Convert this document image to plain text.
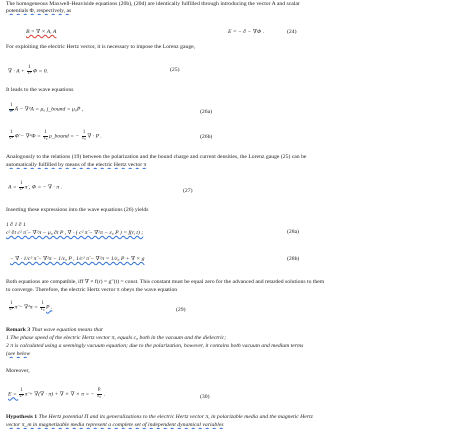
The homogeneous Maxwell-Heaviside equations (20b), (20d) are identically fulfilled through introducing the vector A and scalar
potentials Φ, respectively, as
B = ∇ × A, A	E = − ∂ − ∇Φ .	(24)
For exploiting the electric Hertz vector, it is necessary to impose the Lorenz gauge,
∇ · $A + \frac{1}{\text{c²}}$ Φ = 0.	(25)
It leads to the wave equations
$\frac{1}{\text{c²}}$ Ä − ∇²A = μ₀ j_bound = μ₀Ṗ ,	(26a)
$\frac{1}{\text{c²}}$ Φ̈ − $\nabla^2\Phi = \frac{1}{\text{ε₀}}$ ρ_bound = − $\frac{1}{\text{ε₀}}$ ∇ · P .	(26b)
Analogously to the relations (19) between the polarization and the bound charge and current densities, the Lorenz gauge (25) can be
automatically fulfilled by means of the electric Hertz vector π
$A = \frac{1}{\text{c²}}$ π̇ , Φ = − ∇ · π .
(27)
Inserting these expressions into the wave equations (26) yields
1 ∂ 1 ∂ 1
c² ∂t c² π̈ − ∇²π − μ₀ ∂t P , ∇ · ( c² π̈ − ∇²π − ε₀ P ) = f(r, t) ;	(28a)
− ∇ · 1/c² π̈ − ∇²π − 1/ε₀ P , 1/c² π̈ − ∇²π = 1/ε₀ P + ∇ × g	(28b)
Both equations are compatible, iff ∇ × f(r) = g″(t) = const. This constant must be equal zero for the advanced and retarded solutions to them
to converge. Therefore, the electric Hertz vector π obeys the wave equation
$\frac{1}{\text{c²}}$ π̈ − $\nabla^2\pi = \frac{1}{\text{ε₀}}$ P .	(29)
Remark 3 That wave equation means that
1 The phase speed of the electric Hertz vector π, equals c₀ both in the vacuum and the dielectric;
2 π is calculated using a seemingly vacuum equation; due to the polarization, however, it contains both vacuum and medium terms
(see below
Moreover,
$E = \frac{1}{\text{c²}}$ π̈ + ∇(∇ · π) + ∇ × ∇ × π = − $\frac{P}{\text{ε₀}}$ .	(30)
Hypothesis 1 The Hertz potential Π and its generalizations to the electric Hertz vector π, in polarizable media and the magnetic Hertz
vector π_m in magnetizable media represent a complete set of independent dynamical variables
